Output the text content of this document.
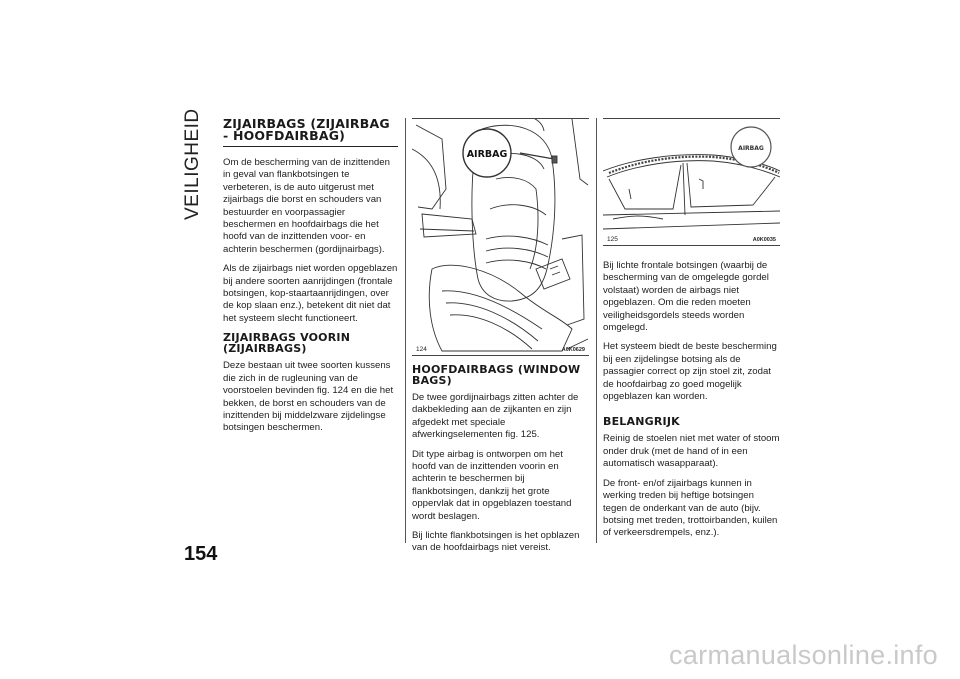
VEILIGHEID
154
ZIJAIRBAGS (ZIJAIRBAG - HOOFDAIRBAG)

Om de bescherming van de inzittenden in geval van flankbotsingen te verbeteren, is de auto uitgerust met zijairbags die borst en schouders van bestuurder en voorpassagier beschermen en hoofdairbags die het hoofd van de inzittenden voor- en achterin beschermen (gordijnairbags).

Als de zijairbags niet worden opgeblazen bij andere soorten aanrijdingen (frontale botsingen, kop-staartaanrijdingen, over de kop slaan enz.), betekent dit niet dat het systeem slecht functioneert.

ZIJAIRBAGS VOORIN (ZIJAIRBAGS)

Deze bestaan uit twee soorten kussens die zich in de rugleuning van de voorstoelen bevinden fig. 124 en die het bekken, de borst en schouders van de inzittenden bij middelzware zijdelingse botsingen beschermen.

AIRBAG
124	A0K0629
HOOFDAIRBAGS (WINDOW BAGS)

De twee gordijnairbags zitten achter de dakbekleding aan de zijkanten en zijn afgedekt met speciale afwerkingselementen fig. 125.

Dit type airbag is ontworpen om het hoofd van de inzittenden voorin en achterin te beschermen bij flankbotsingen, dankzij het grote oppervlak dat in opgeblazen toestand wordt beslagen.

Bij lichte flankbotsingen is het opblazen van de hoofdairbags niet vereist.

AIRBAG
125	A0K0035

Bij lichte frontale botsingen (waarbij de bescherming van de omgelegde gordel volstaat) worden de airbags niet opgeblazen. Om die reden moeten veiligheidsgordels steeds worden omgelegd.

Het systeem biedt de beste bescherming bij een zijdelingse botsing als de passagier correct op zijn stoel zit, zodat de hoofdairbag zo goed mogelijk opgeblazen kan worden.

BELANGRIJK

Reinig de stoelen niet met water of stoom onder druk (met de hand of in een automatisch wasapparaat).

De front- en/of zijairbags kunnen in werking treden bij heftige botsingen tegen de onderkant van de auto (bijv. botsing met treden, trottoirbanden, kuilen of verkeersdrempels, enz.).

carmanualsonline.info
